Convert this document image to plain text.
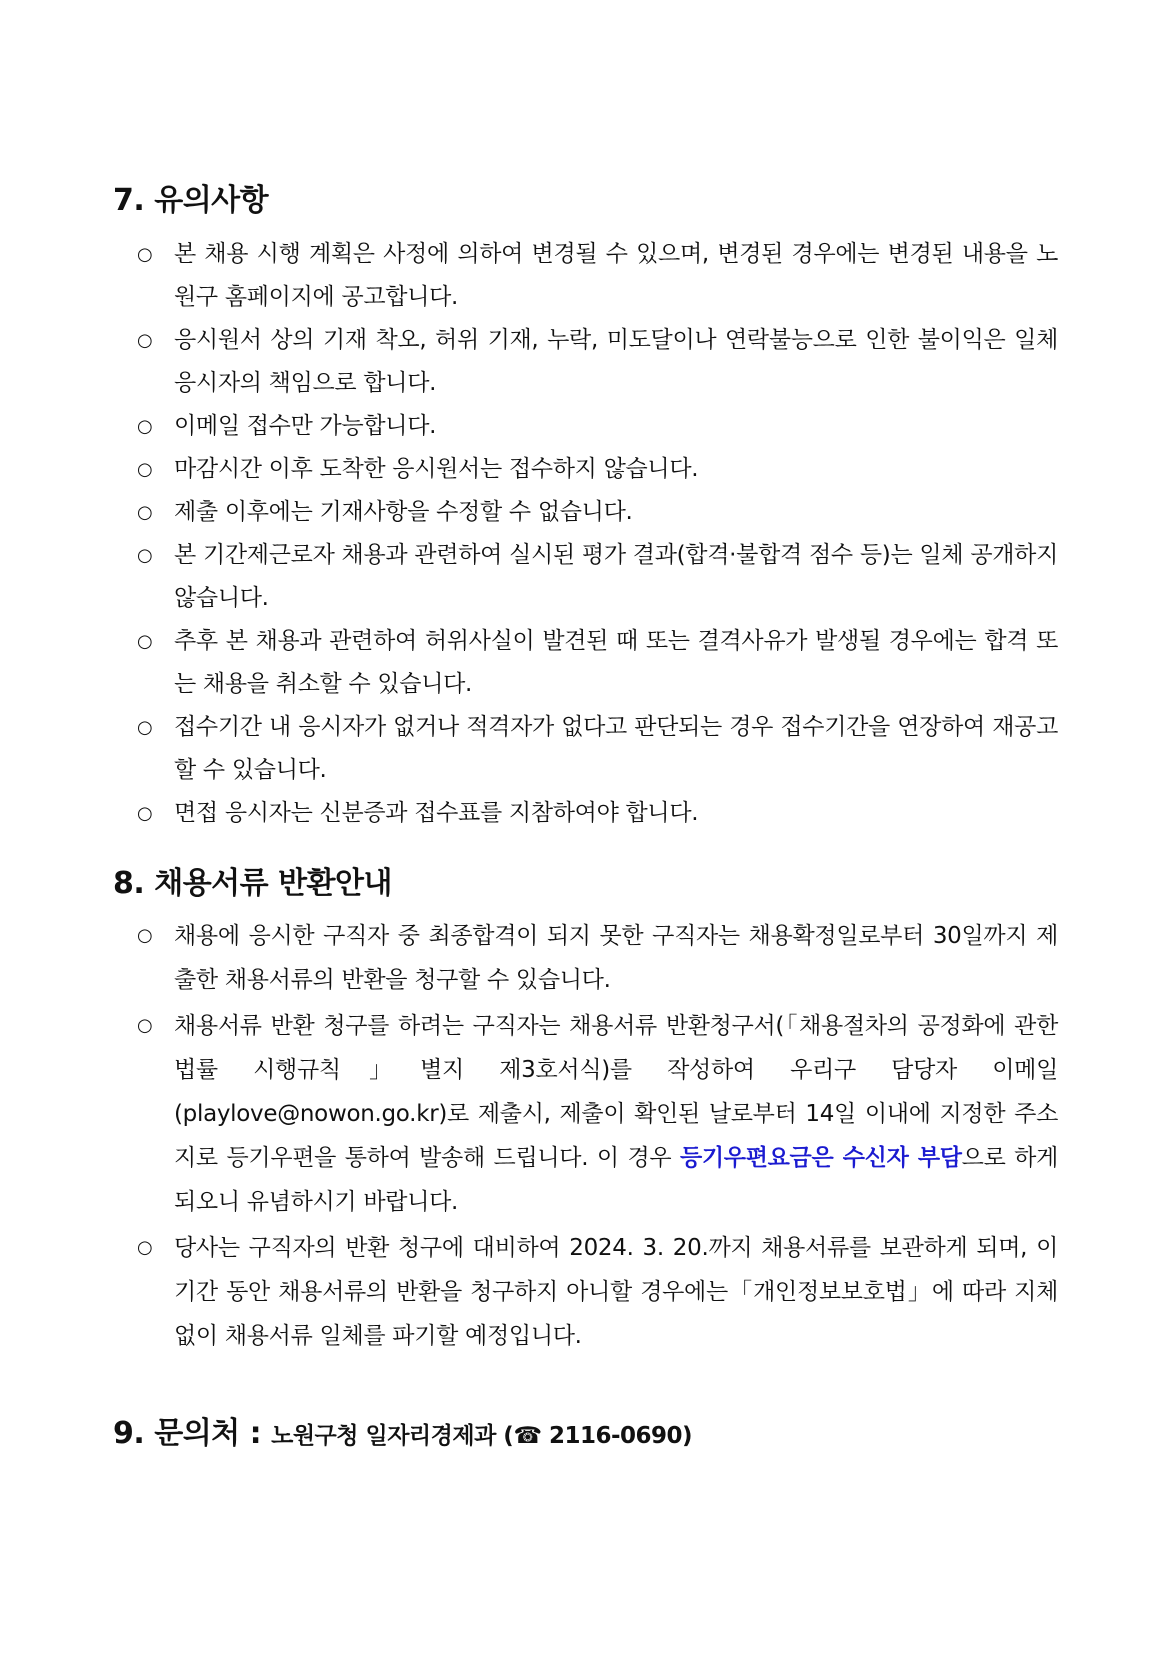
7. 유의사항
○ 본 채용 시행 계획은 사정에 의하여 변경될 수 있으며, 변경된 경우에는 변경된 내용을 노원구 홈페이지에 공고합니다.
○ 응시원서 상의 기재 착오, 허위 기재, 누락, 미도달이나 연락불능으로 인한 불이익은 일체 응시자의 책임으로 합니다.
○ 이메일 접수만 가능합니다.
○ 마감시간 이후 도착한 응시원서는 접수하지 않습니다.
○ 제출 이후에는 기재사항을 수정할 수 없습니다.
○ 본 기간제근로자 채용과 관련하여 실시된 평가 결과(합격·불합격 점수 등)는 일체 공개하지 않습니다.
○ 추후 본 채용과 관련하여 허위사실이 발견된 때 또는 결격사유가 발생될 경우에는 합격 또는 채용을 취소할 수 있습니다.
○ 접수기간 내 응시자가 없거나 적격자가 없다고 판단되는 경우 접수기간을 연장하여 재공고할 수 있습니다.
○ 면접 응시자는 신분증과 접수표를 지참하여야 합니다.
8. 채용서류 반환안내
○ 채용에 응시한 구직자 중 최종합격이 되지 못한 구직자는 채용확정일로부터 30일까지 제출한 채용서류의 반환을 청구할 수 있습니다.
○ 채용서류 반환 청구를 하려는 구직자는 채용서류 반환청구서(「채용절차의 공정화에 관한 법률 시행규칙」별지 제3호서식)를 작성하여 우리구 담당자 이메일 (playlove@nowon.go.kr)로 제출시, 제출이 확인된 날로부터 14일 이내에 지정한 주소지로 등기우편을 통하여 발송해 드립니다. 이 경우 등기우편요금은 수신자 부담으로 하게 되오니 유념하시기 바랍니다.
○ 당사는 구직자의 반환 청구에 대비하여 2024. 3. 20.까지 채용서류를 보관하게 되며, 이 기간 동안 채용서류의 반환을 청구하지 아니할 경우에는「개인정보보호법」에 따라 지체없이 채용서류 일체를 파기할 예정입니다.
9. 문의처 : 노원구청 일자리경제과 (☎ 2116-0690)
